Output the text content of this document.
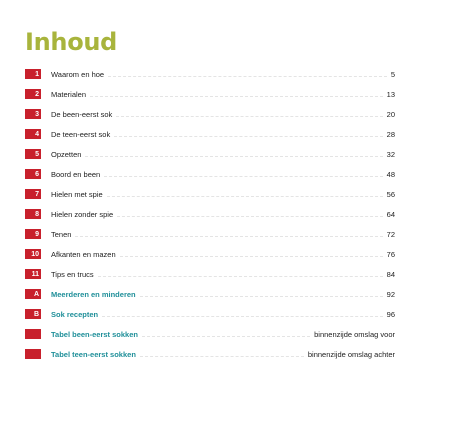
Inhoud
1 Waarom en hoe	5
2 Materialen	13
3 De been-eerst sok	20
4 De teen-eerst sok	28
5 Opzetten	32
6 Boord en been	48
7 Hielen met spie	56
8 Hielen zonder spie	64
9 Tenen	72
10 Afkanten en mazen	76
11 Tips en trucs	84
A Meerderen en minderen	92
B Sok recepten	96
Tabel been-eerst sokken	binnenzijde omslag voor
Tabel teen-eerst sokken	binnenzijde omslag achter
